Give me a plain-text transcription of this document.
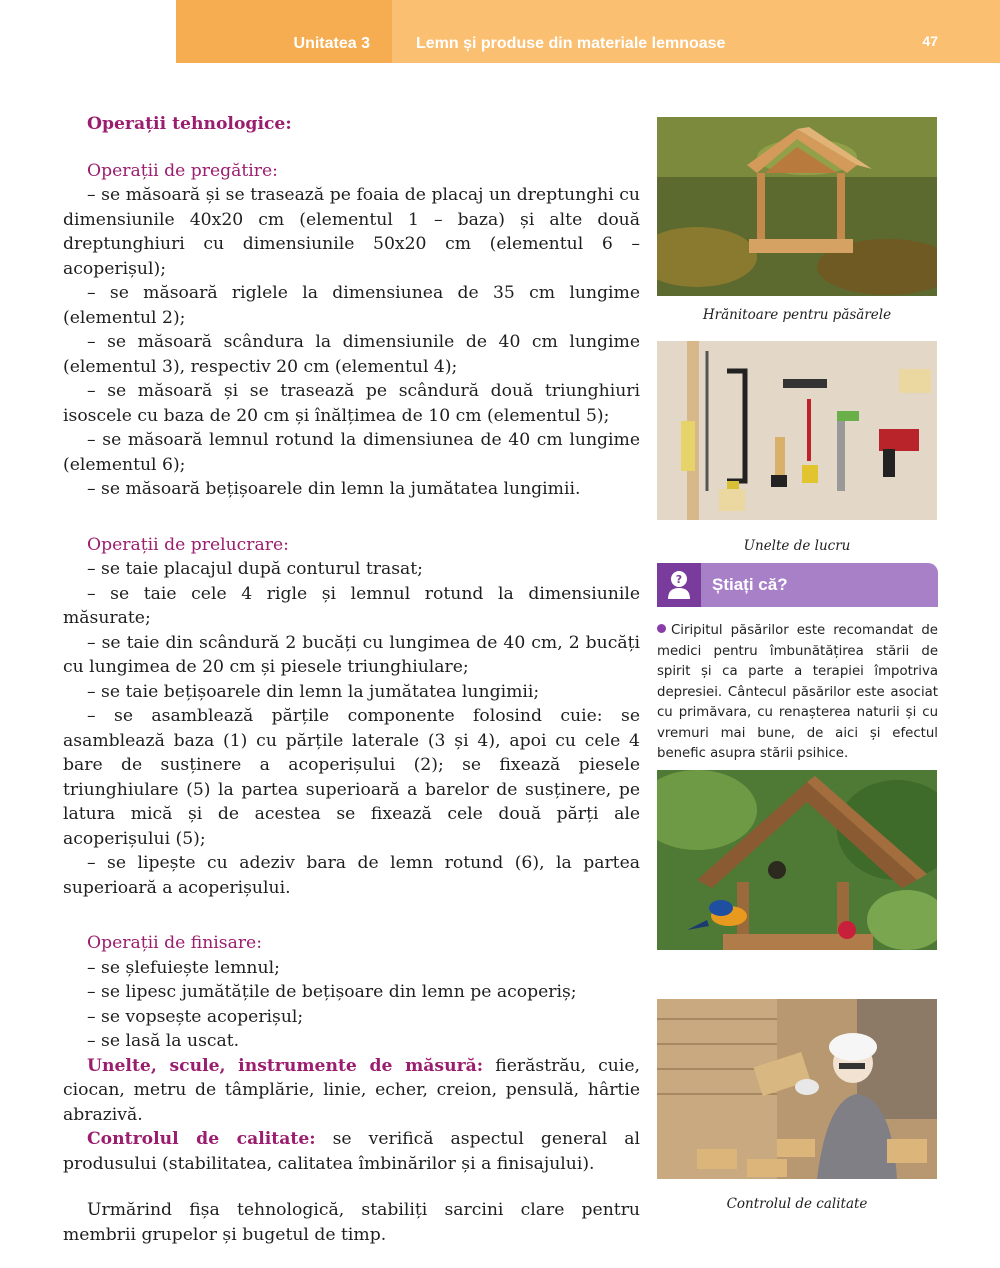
Unitatea 3	Lemn și produse din materiale lemnoase	47

Operații tehnologice:

Operații de pregătire:

– se măsoară și se trasează pe foaia de placaj un dreptunghi cu dimensiunile 40x20 cm (elementul 1 – baza) și alte două dreptunghiuri cu dimensiunile 50x20 cm (elementul 6 – acoperișul);

– se măsoară riglele la dimensiunea de 35 cm lungime (elementul 2);

– se măsoară scândura la dimensiunile de 40 cm lungime (elementul 3), respectiv 20 cm (elementul 4);

– se măsoară și se trasează pe scândură două triunghiuri isoscele cu baza de 20 cm și înălțimea de 10 cm (elementul 5);

– se măsoară lemnul rotund la dimensiunea de 40 cm lungime (elementul 6);

– se măsoară bețișoarele din lemn la jumătatea lungimii.

Operații de prelucrare:

– se taie placajul după conturul trasat;

– se taie cele 4 rigle și lemnul rotund la dimensiunile măsurate;

– se taie din scândură 2 bucăți cu lungimea de 40 cm, 2 bucăți cu lungimea de 20 cm și piesele triunghiulare;

– se taie bețișoarele din lemn la jumătatea lungimii;

– se asamblează părțile componente folosind cuie: se asamblează baza (1) cu părțile laterale (3 și 4), apoi cu cele 4 bare de susținere a acoperișului (2); se fixează piesele triunghiulare (5) la partea superioară a barelor de susținere, pe latura mică și de acestea se fixează cele două părți ale acoperișului (5);

– se lipește cu adeziv bara de lemn rotund (6), la partea superioară a acoperișului.

Operații de finisare:

– se șlefuiește lemnul;

– se lipesc jumătățile de bețișoare din lemn pe acoperiș;

– se vopsește acoperișul;

– se lasă la uscat.

Unelte, scule, instrumente de măsură: fierăstrău, cuie, ciocan, metru de tâmplărie, linie, echer, creion, pensulă, hârtie abrazivă.

Controlul de calitate: se verifică aspectul general al produsului (stabilitatea, calitatea îmbinărilor și a finisajului).

Urmărind fișa tehnologică, stabiliți sarcini clare pentru membrii grupelor și bugetul de timp.

Hrănitoare pentru păsărele
Unelte de lucru
? Știați că?
Ciripitul păsărilor este recomandat de medici pentru îmbunătățirea stării de spirit și ca parte a terapiei împotriva depresiei. Cântecul păsărilor este asociat cu primăvara, cu renașterea naturii și cu vremuri mai bune, de aici și efectul benefic asupra stării psihice.
Controlul de calitate
